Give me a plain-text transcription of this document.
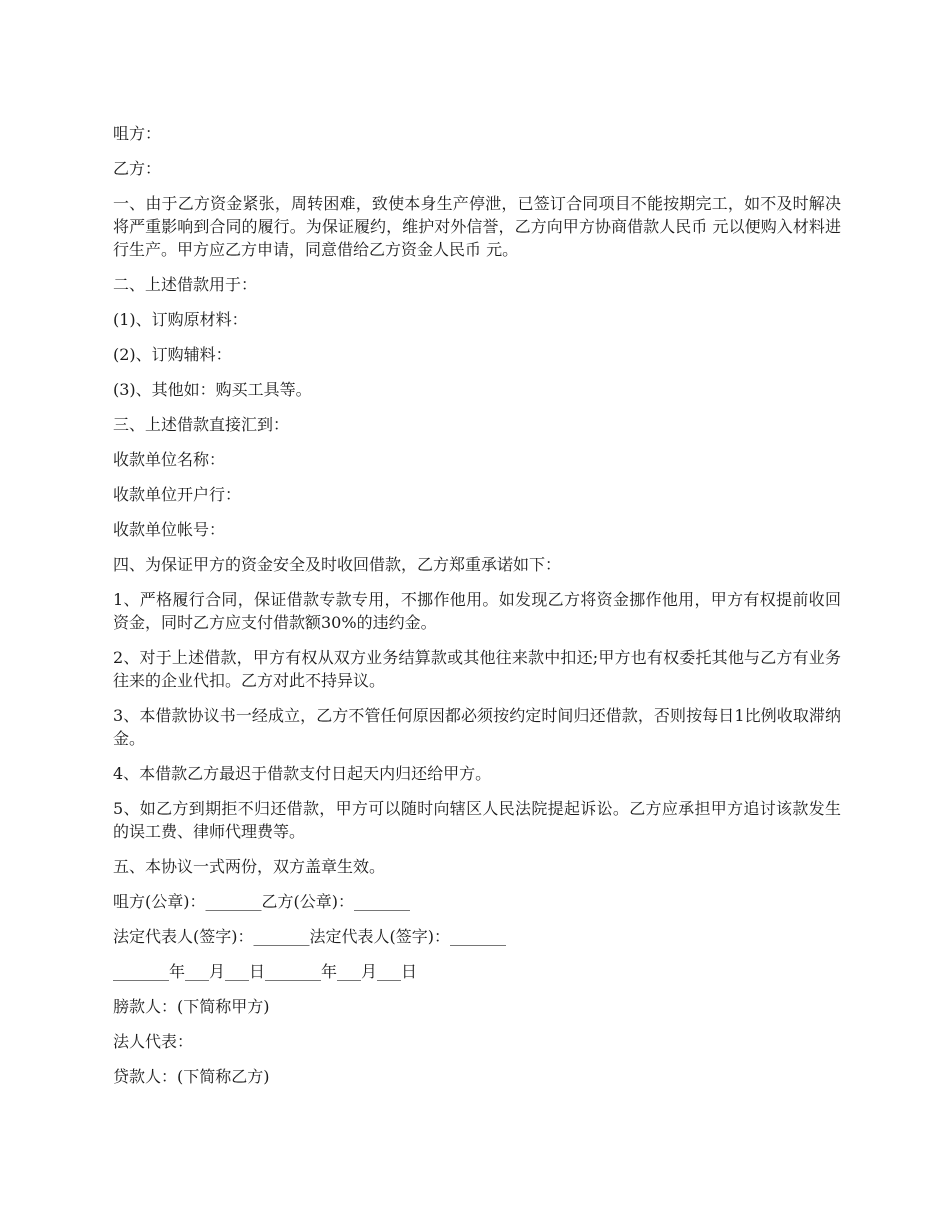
咀方：

乙方：

一、由于乙方资金紧张，周转困难，致使本身生产停泄，已签订合同项目不能按期完工，如不及时解决将严重影响到合同的履行。为保证履约，维护对外信誉，乙方向甲方协商借款人民币 元以便购入材料进行生产。甲方应乙方申请，同意借给乙方资金人民币 元。

二、上述借款用于：

(1)、订购原材料：

(2)、订购辅料：

(3)、其他如：购买工具等。

三、上述借款直接汇到：

收款单位名称：

收款单位开户行：

收款单位帐号：

四、为保证甲方的资金安全及时收回借款，乙方郑重承诺如下：

1、严格履行合同，保证借款专款专用，不挪作他用。如发现乙方将资金挪作他用，甲方有权提前收回资金，同时乙方应支付借款额30%的违约金。

2、对于上述借款，甲方有权从双方业务结算款或其他往来款中扣还;甲方也有权委托其他与乙方有业务往来的企业代扣。乙方对此不持异议。

3、本借款协议书一经成立，乙方不管任何原因都必须按约定时间归还借款，否则按每日1比例收取滞纳金。

4、本借款乙方最迟于借款支付日起天内归还给甲方。

5、如乙方到期拒不归还借款，甲方可以随时向辖区人民法院提起诉讼。乙方应承担甲方追讨该款发生的误工费、律师代理费等。

五、本协议一式两份，双方盖章生效。

咀方(公章)：_______乙方(公章)：_______

法定代表人(签字)：_______法定代表人(签字)：_______

_______年___月___日_______年___月___日

膀款人：(下简称甲方)

法人代表：

贷款人：(下简称乙方)
